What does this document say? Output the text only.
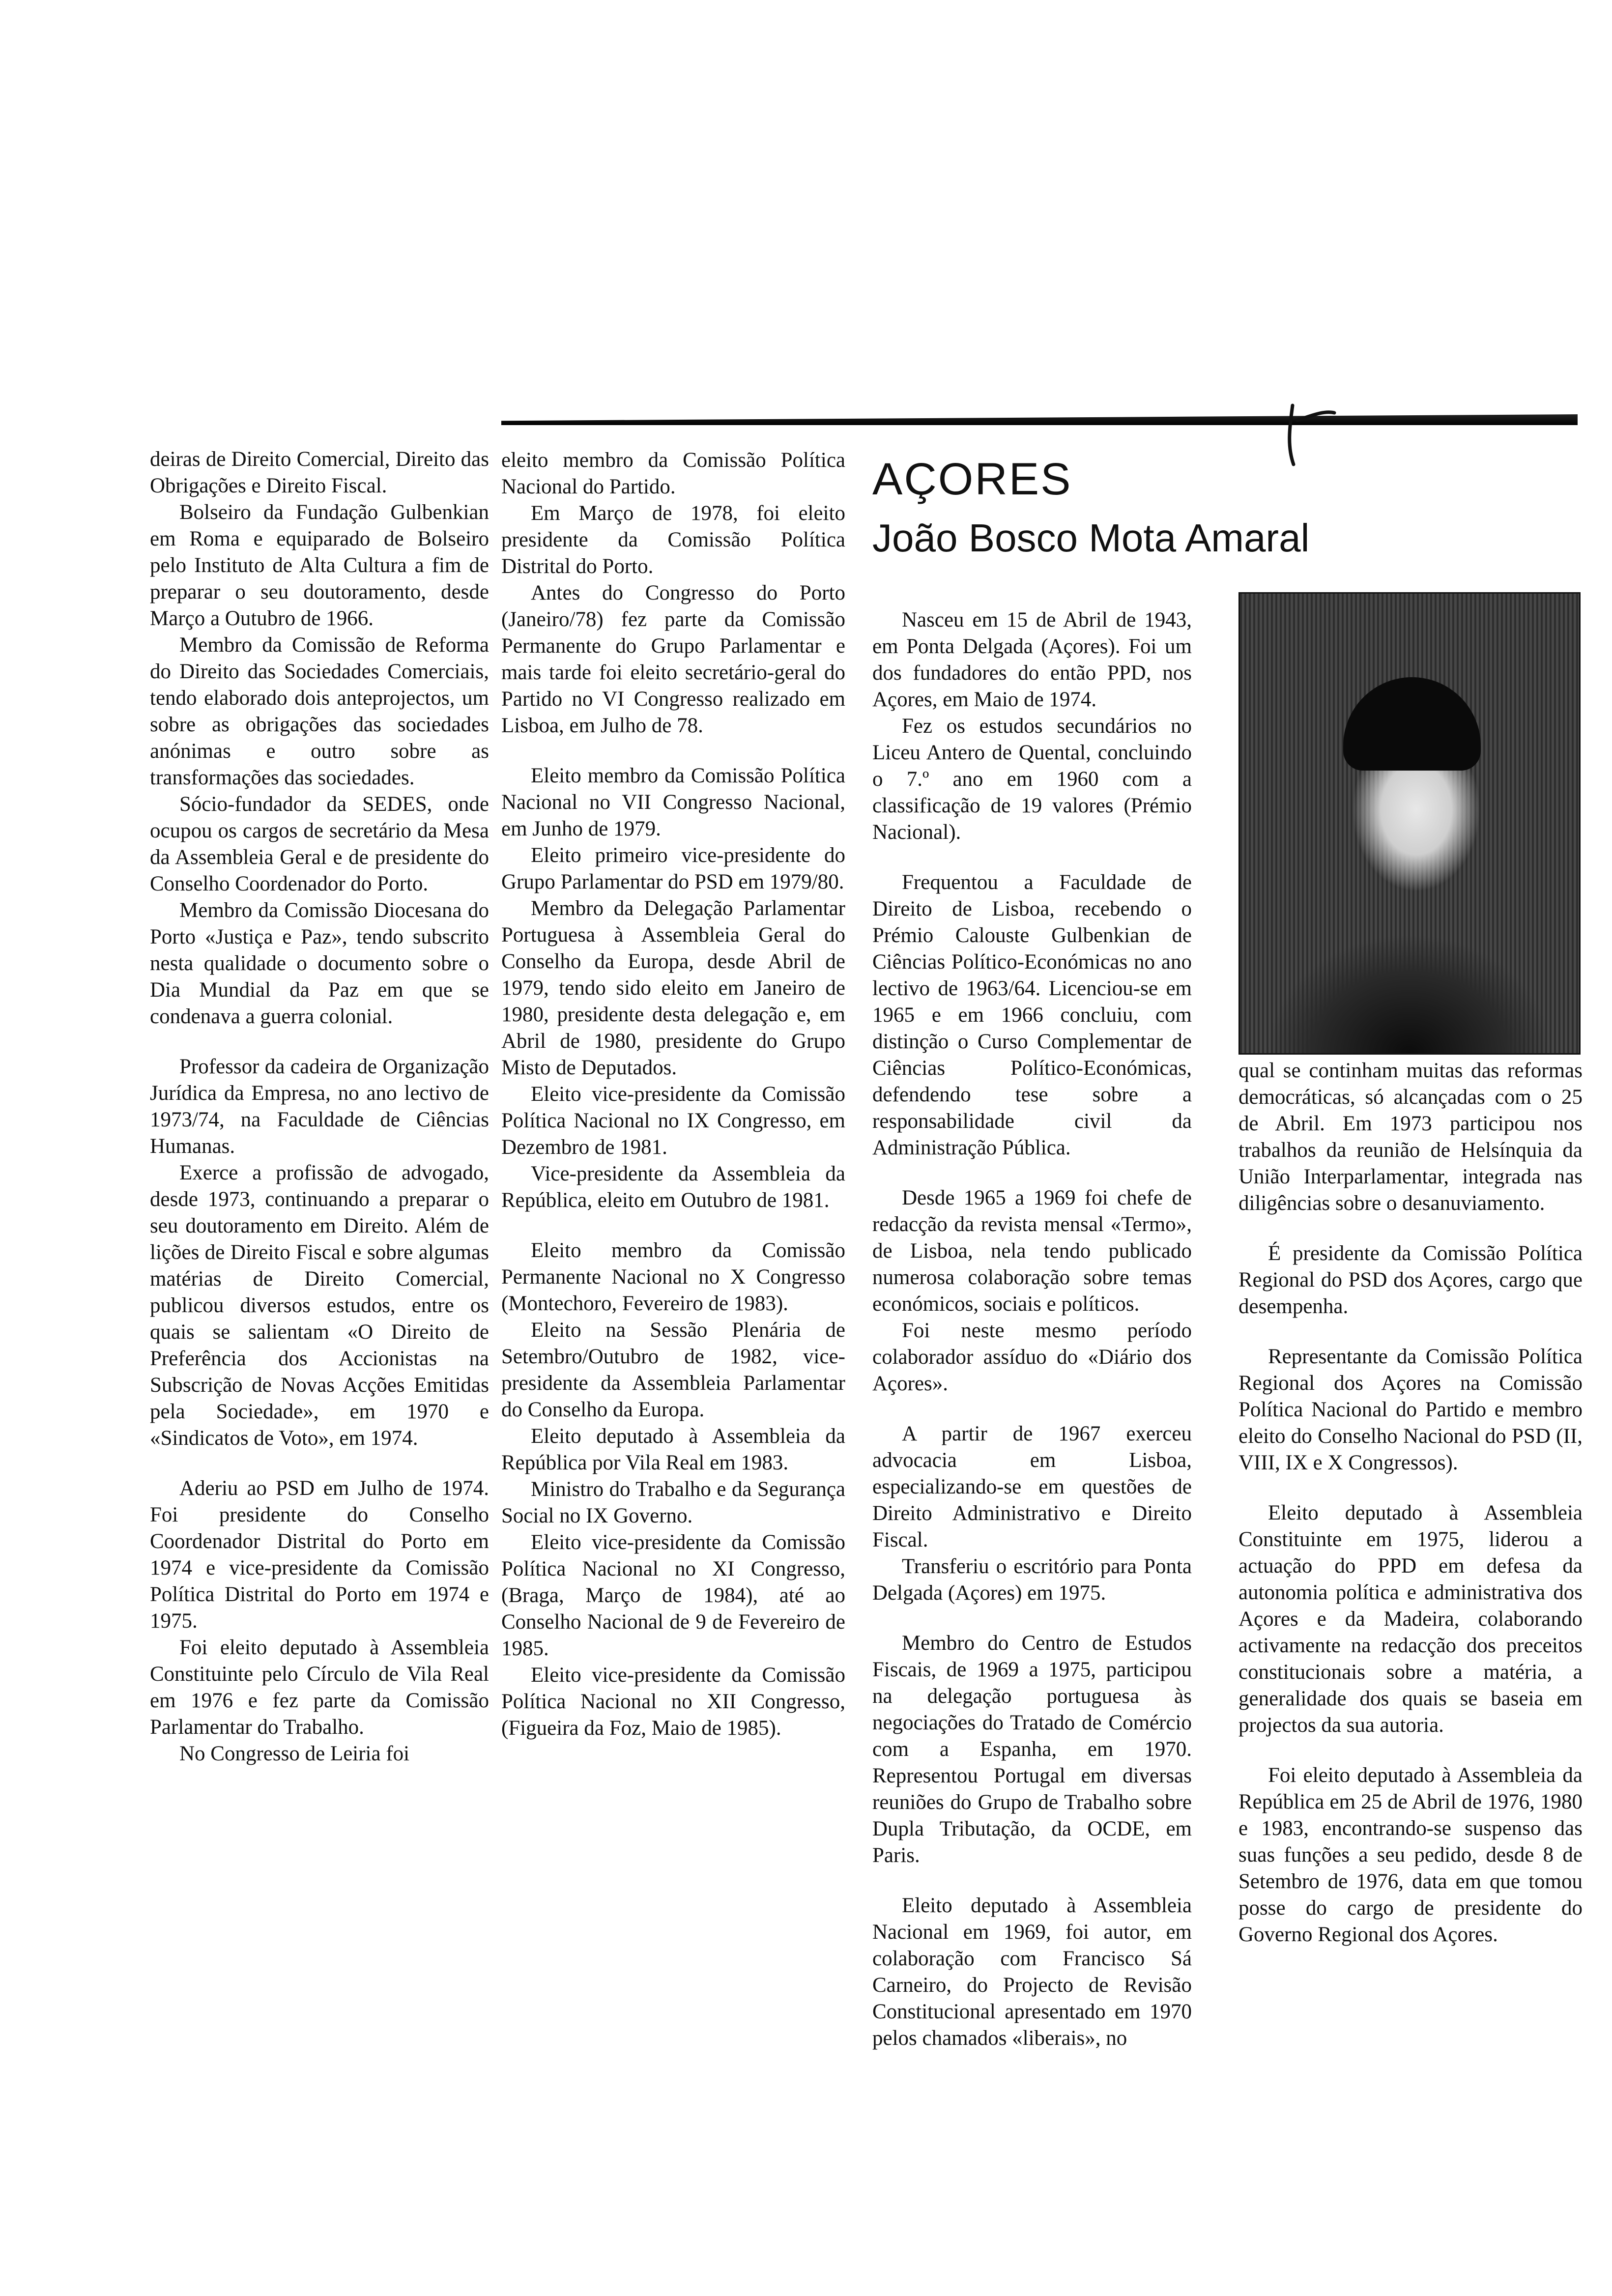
AÇORES
João Bosco Mota Amaral

deiras de Direito Comercial, Direito das Obrigações e Direito Fiscal.

Bolseiro da Fundação Gulbenkian em Roma e equiparado de Bolseiro pelo Instituto de Alta Cultura a fim de preparar o seu doutoramento, desde Março a Outubro de 1966.

Membro da Comissão de Reforma do Direito das Sociedades Comerciais, tendo elaborado dois anteprojectos, um sobre as obrigações das sociedades anónimas e outro sobre as transformações das sociedades.

Sócio-fundador da SEDES, onde ocupou os cargos de secretário da Mesa da Assembleia Geral e de presidente do Conselho Coordenador do Porto.

Membro da Comissão Diocesana do Porto «Justiça e Paz», tendo subscrito nesta qualidade o documento sobre o Dia Mundial da Paz em que se condenava a guerra colonial.

Professor da cadeira de Organização Jurídica da Empresa, no ano lectivo de 1973/74, na Faculdade de Ciências Humanas.

Exerce a profissão de advogado, desde 1973, continuando a preparar o seu doutoramento em Direito. Além de lições de Direito Fiscal e sobre algumas matérias de Direito Comercial, publicou diversos estudos, entre os quais se salientam «O Direito de Preferência dos Accionistas na Subscrição de Novas Acções Emitidas pela Sociedade», em 1970 e «Sindicatos de Voto», em 1974.

Aderiu ao PSD em Julho de 1974. Foi presidente do Conselho Coordenador Distrital do Porto em 1974 e vice-presidente da Comissão Política Distrital do Porto em 1974 e 1975.

Foi eleito deputado à Assembleia Constituinte pelo Círculo de Vila Real em 1976 e fez parte da Comissão Parlamentar do Trabalho.

No Congresso de Leiria foi

eleito membro da Comissão Política Nacional do Partido.

Em Março de 1978, foi eleito presidente da Comissão Política Distrital do Porto.

Antes do Congresso do Porto (Janeiro/78) fez parte da Comissão Permanente do Grupo Parlamentar e mais tarde foi eleito secretário-geral do Partido no VI Congresso realizado em Lisboa, em Julho de 78.

Eleito membro da Comissão Política Nacional no VII Congresso Nacional, em Junho de 1979.

Eleito primeiro vice-presidente do Grupo Parlamentar do PSD em 1979/80.

Membro da Delegação Parlamentar Portuguesa à Assembleia Geral do Conselho da Europa, desde Abril de 1979, tendo sido eleito em Janeiro de 1980, presidente desta delegação e, em Abril de 1980, presidente do Grupo Misto de Deputados.

Eleito vice-presidente da Comissão Política Nacional no IX Congresso, em Dezembro de 1981.

Vice-presidente da Assembleia da República, eleito em Outubro de 1981.

Eleito membro da Comissão Permanente Nacional no X Congresso (Montechoro, Fevereiro de 1983).

Eleito na Sessão Plenária de Setembro/Outubro de 1982, vice-presidente da Assembleia Parlamentar do Conselho da Europa.

Eleito deputado à Assembleia da República por Vila Real em 1983.

Ministro do Trabalho e da Segurança Social no IX Governo.

Eleito vice-presidente da Comissão Política Nacional no XI Congresso, (Braga, Março de 1984), até ao Conselho Nacional de 9 de Fevereiro de 1985.

Eleito vice-presidente da Comissão Política Nacional no XII Congresso, (Figueira da Foz, Maio de 1985).

Nasceu em 15 de Abril de 1943, em Ponta Delgada (Açores). Foi um dos fundadores do então PPD, nos Açores, em Maio de 1974.

Fez os estudos secundários no Liceu Antero de Quental, concluindo o 7.º ano em 1960 com a classificação de 19 valores (Prémio Nacional).

Frequentou a Faculdade de Direito de Lisboa, recebendo o Prémio Calouste Gulbenkian de Ciências Político-Económicas no ano lectivo de 1963/64. Licenciou-se em 1965 e em 1966 concluiu, com distinção o Curso Complementar de Ciências Político-Económicas, defendendo tese sobre a responsabilidade civil da Administração Pública.

Desde 1965 a 1969 foi chefe de redacção da revista mensal «Termo», de Lisboa, nela tendo publicado numerosa colaboração sobre temas económicos, sociais e políticos.

Foi neste mesmo período colaborador assíduo do «Diário dos Açores».

A partir de 1967 exerceu advocacia em Lisboa, especializando-se em questões de Direito Administrativo e Direito Fiscal.

Transferiu o escritório para Ponta Delgada (Açores) em 1975.

Membro do Centro de Estudos Fiscais, de 1969 a 1975, participou na delegação portuguesa às negociações do Tratado de Comércio com a Espanha, em 1970. Representou Portugal em diversas reuniões do Grupo de Trabalho sobre Dupla Tributação, da OCDE, em Paris.

Eleito deputado à Assembleia Nacional em 1969, foi autor, em colaboração com Francisco Sá Carneiro, do Projecto de Revisão Constitucional apresentado em 1970 pelos chamados «liberais», no

qual se continham muitas das reformas democráticas, só alcançadas com o 25 de Abril. Em 1973 participou nos trabalhos da reunião de Helsínquia da União Interparlamentar, integrada nas diligências sobre o desanuviamento.

É presidente da Comissão Política Regional do PSD dos Açores, cargo que desempenha.

Representante da Comissão Política Regional dos Açores na Comissão Política Nacional do Partido e membro eleito do Conselho Nacional do PSD (II, VIII, IX e X Congressos).

Eleito deputado à Assembleia Constituinte em 1975, liderou a actuação do PPD em defesa da autonomia política e administrativa dos Açores e da Madeira, colaborando activamente na redacção dos preceitos constitucionais sobre a matéria, a generalidade dos quais se baseia em projectos da sua autoria.

Foi eleito deputado à Assembleia da República em 25 de Abril de 1976, 1980 e 1983, encontrando-se suspenso das suas funções a seu pedido, desde 8 de Setembro de 1976, data em que tomou posse do cargo de presidente do Governo Regional dos Açores.
